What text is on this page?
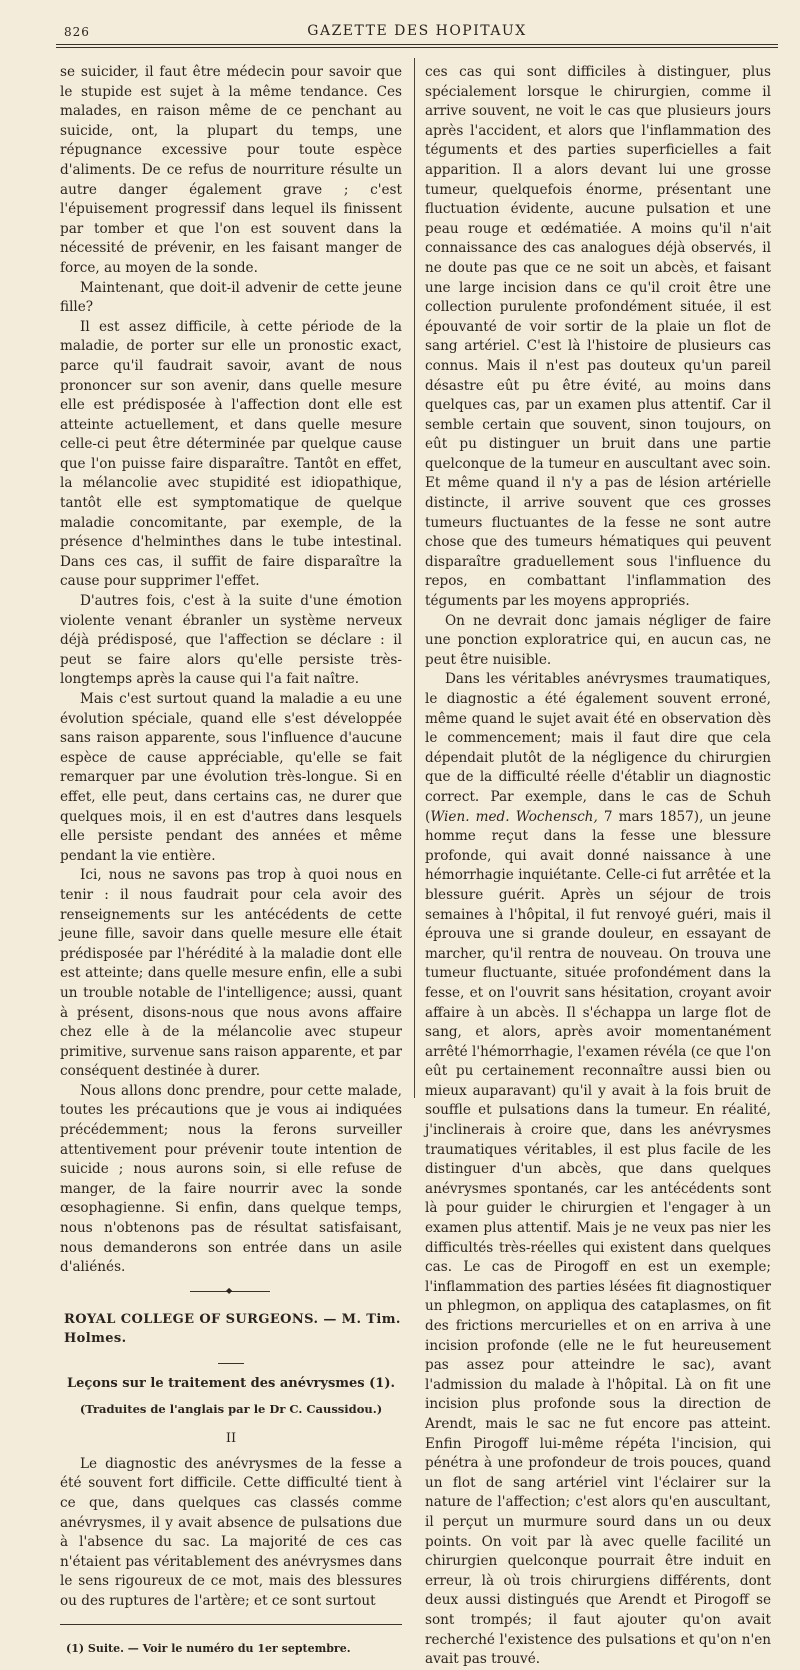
826	GAZETTE DES HOPITAUX

se suicider, il faut être médecin pour savoir que le stupide est sujet à la même tendance. Ces malades, en raison même de ce penchant au suicide, ont, la plupart du temps, une répugnance excessive pour toute espèce d'aliments. De ce refus de nourriture résulte un autre danger également grave ; c'est l'épuisement progressif dans lequel ils finissent par tomber et que l'on est souvent dans la nécessité de prévenir, en les faisant manger de force, au moyen de la sonde.

Maintenant, que doit-il advenir de cette jeune fille?

Il est assez difficile, à cette période de la maladie, de porter sur elle un pronostic exact, parce qu'il faudrait savoir, avant de nous prononcer sur son avenir, dans quelle mesure elle est prédisposée à l'affection dont elle est atteinte actuellement, et dans quelle mesure celle-ci peut être déterminée par quelque cause que l'on puisse faire disparaître. Tantôt en effet, la mélancolie avec stupidité est idiopathique, tantôt elle est symptomatique de quelque maladie concomitante, par exemple, de la présence d'helminthes dans le tube intestinal. Dans ces cas, il suffit de faire disparaître la cause pour supprimer l'effet.

D'autres fois, c'est à la suite d'une émotion violente venant ébranler un système nerveux déjà prédisposé, que l'affection se déclare : il peut se faire alors qu'elle persiste très-longtemps après la cause qui l'a fait naître.

Mais c'est surtout quand la maladie a eu une évolution spéciale, quand elle s'est développée sans raison apparente, sous l'influence d'aucune espèce de cause appréciable, qu'elle se fait remarquer par une évolution très-longue. Si en effet, elle peut, dans certains cas, ne durer que quelques mois, il en est d'autres dans lesquels elle persiste pendant des années et même pendant la vie entière.

Ici, nous ne savons pas trop à quoi nous en tenir : il nous faudrait pour cela avoir des renseignements sur les antécédents de cette jeune fille, savoir dans quelle mesure elle était prédisposée par l'hérédité à la maladie dont elle est atteinte; dans quelle mesure enfin, elle a subi un trouble notable de l'intelligence; aussi, quant à présent, disons-nous que nous avons affaire chez elle à de la mélancolie avec stupeur primitive, survenue sans raison apparente, et par conséquent destinée à durer.

Nous allons donc prendre, pour cette malade, toutes les précautions que je vous ai indiquées précédemment; nous la ferons surveiller attentivement pour prévenir toute intention de suicide ; nous aurons soin, si elle refuse de manger, de la faire nourrir avec la sonde œsophagienne. Si enfin, dans quelque temps, nous n'obtenons pas de résultat satisfaisant, nous demanderons son entrée dans un asile d'aliénés.

◆
ROYAL COLLEGE OF SURGEONS. — M. Tim. Holmes.
Leçons sur le traitement des anévrysmes (1).
(Traduites de l'anglais par le Dr C. Caussidou.)
II

Le diagnostic des anévrysmes de la fesse a été souvent fort difficile. Cette difficulté tient à ce que, dans quelques cas classés comme anévrysmes, il y avait absence de pulsations due à l'absence du sac. La majorité de ces cas n'étaient pas véritablement des anévrysmes dans le sens rigoureux de ce mot, mais des blessures ou des ruptures de l'artère; et ce sont surtout

(1) Suite. — Voir le numéro du 1er septembre.

ces cas qui sont difficiles à distinguer, plus spécialement lorsque le chirurgien, comme il arrive souvent, ne voit le cas que plusieurs jours après l'accident, et alors que l'inflammation des téguments et des parties superficielles a fait apparition. Il a alors devant lui une grosse tumeur, quelquefois énorme, présentant une fluctuation évidente, aucune pulsation et une peau rouge et œdématiée. A moins qu'il n'ait connaissance des cas analogues déjà observés, il ne doute pas que ce ne soit un abcès, et faisant une large incision dans ce qu'il croit être une collection purulente profondément située, il est épouvanté de voir sortir de la plaie un flot de sang artériel. C'est là l'histoire de plusieurs cas connus. Mais il n'est pas douteux qu'un pareil désastre eût pu être évité, au moins dans quelques cas, par un examen plus attentif. Car il semble certain que souvent, sinon toujours, on eût pu distinguer un bruit dans une partie quelconque de la tumeur en auscultant avec soin. Et même quand il n'y a pas de lésion artérielle distincte, il arrive souvent que ces grosses tumeurs fluctuantes de la fesse ne sont autre chose que des tumeurs hématiques qui peuvent disparaître graduellement sous l'influence du repos, en combattant l'inflammation des téguments par les moyens appropriés.

On ne devrait donc jamais négliger de faire une ponction exploratrice qui, en aucun cas, ne peut être nuisible.

Dans les véritables anévrysmes traumatiques, le diagnostic a été également souvent erroné, même quand le sujet avait été en observation dès le commencement; mais il faut dire que cela dépendait plutôt de la négligence du chirurgien que de la difficulté réelle d'établir un diagnostic correct. Par exemple, dans le cas de Schuh (Wien. med. Wochensch, 7 mars 1857), un jeune homme reçut dans la fesse une blessure profonde, qui avait donné naissance à une hémorrhagie inquiétante. Celle-ci fut arrêtée et la blessure guérit. Après un séjour de trois semaines à l'hôpital, il fut renvoyé guéri, mais il éprouva une si grande douleur, en essayant de marcher, qu'il rentra de nouveau. On trouva une tumeur fluctuante, située profondément dans la fesse, et on l'ouvrit sans hésitation, croyant avoir affaire à un abcès. Il s'échappa un large flot de sang, et alors, après avoir momentanément arrêté l'hémorrhagie, l'examen révéla (ce que l'on eût pu certainement reconnaître aussi bien ou mieux auparavant) qu'il y avait à la fois bruit de souffle et pulsations dans la tumeur. En réalité, j'inclinerais à croire que, dans les anévrysmes traumatiques véritables, il est plus facile de les distinguer d'un abcès, que dans quelques anévrysmes spontanés, car les antécédents sont là pour guider le chirurgien et l'engager à un examen plus attentif. Mais je ne veux pas nier les difficultés très-réelles qui existent dans quelques cas. Le cas de Pirogoff en est un exemple; l'inflammation des parties lésées fit diagnostiquer un phlegmon, on appliqua des cataplasmes, on fit des frictions mercurielles et on en arriva à une incision profonde (elle ne le fut heureusement pas assez pour atteindre le sac), avant l'admission du malade à l'hôpital. Là on fit une incision plus profonde sous la direction de Arendt, mais le sac ne fut encore pas atteint. Enfin Pirogoff lui-même répéta l'incision, qui pénétra à une profondeur de trois pouces, quand un flot de sang artériel vint l'éclairer sur la nature de l'affection; c'est alors qu'en auscultant, il perçut un murmure sourd dans un ou deux points. On voit par là avec quelle facilité un chirurgien quelconque pourrait être induit en erreur, là où trois chirurgiens différents, dont deux aussi distingués que Arendt et Pirogoff se sont trompés; il faut ajouter qu'on avait recherché l'existence des pulsations et qu'on n'en avait pas trouvé.
